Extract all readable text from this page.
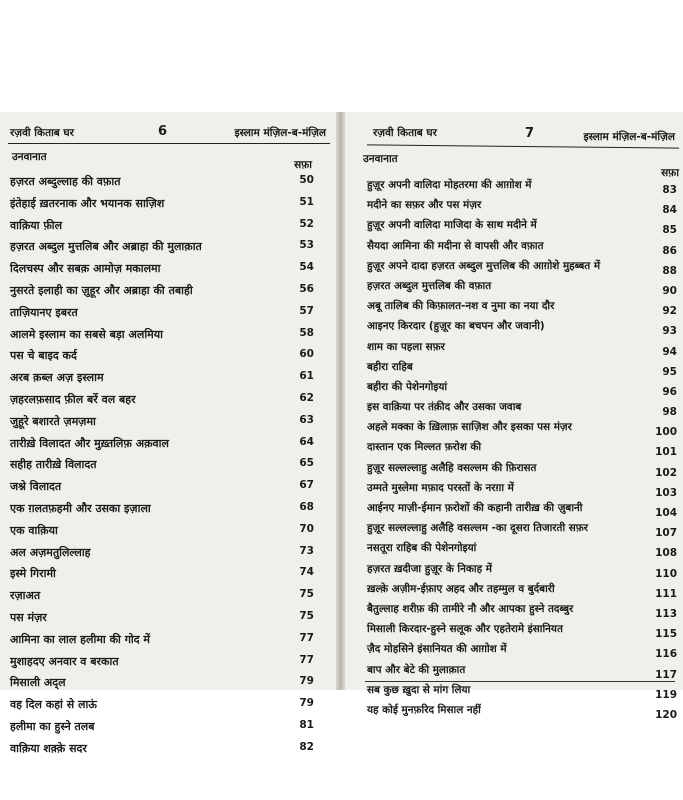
रज़वी किताब घर	6	इस्लाम मंज़िल-ब-मंज़िल
उनवानात
सफ़ा
हज़रत अब्दुल्लाह की वफ़ात	50
इंतेहाई ख़तरनाक और भयानक साज़िश	51
वाक़िया फ़ील	52
हज़रत अब्दुल मुत्तलिब और अब्राहा की मुलाक़ात	53
दिलचस्प और सबक़ आमोज़ मकालमा	54
नुसरते इलाही का ज़ुहूर और अब्राहा की तबाही	56
ताज़ियानए इबरत	57
आलमे इस्लाम का सबसे बड़ा अलमिया	58
पस चे बाइद कर्द	60
अरब क़ब्ल अज़ इस्लाम	61
ज़हरलफ़साद फ़ील बर्रे वल बहर	62
जुहूरे बशारते ज़मज़मा	63
तारीख़े विलादत और मुख़्तलिफ़ अक़वाल	64
सहीह तारीख़े विलादत	65
जश्ने विलादत	67
एक ग़लतफ़हमी और उसका इज़ाला	68
एक वाक़िया	70
अल अज़मतुलिल्लाह	73
इस्मे गिरामी	74
रज़ाअत	75
पस मंज़र	75
आमिना का लाल हलीमा की गोद में	77
मुशाहदए अनवार व बरकात	77
मिसाली अद्ल	79
वह दिल कहां से लाऊं	79
हलीमा का हुस्ने तलब	81
वाक़िया शक़्क़े सदर	82
रज़वी किताब घर	7	इस्लाम मंज़िल-ब-मंज़िल
उनवानात
सफ़ा
हुज़ूर अपनी वालिदा मोहतरमा की आग़ोश में	83
मदीने का सफ़र और पस मंज़र	84
हुज़ूर अपनी वालिदा माजिदा के साथ मदीने में	85
सैयदा आमिना की मदीना से वापसी और वफ़ात	86
हुज़ूर अपने दादा हज़रत अब्दुल मुत्तलिब की आग़ोशे मुहब्बत में	88
हज़रत अब्दुल मुत्तलिब की वफ़ात	90
अबू तालिब की किफ़ालत-नश व नुमा का नया दौर	92
आइनए किरदार (हुज़ूर का बचपन और जवानी)	93
शाम का पहला सफ़र	94
बहीरा राहिब	95
बहीरा की पेशेनगोइयां	96
इस वाक़िया पर तंक़ीद और उसका जवाब	98
अहले मक्का के ख़िलाफ़ साज़िश और इसका पस मंज़र	100
दास्तान एक मिल्लत फ़रोश की	101
हुज़ूर सल्लल्लाहु अलैहि वसल्लम की फ़िरासत	102
उम्मते मुस्लेमा मफ़ाद परस्तों के नरग़ा में	103
आईनए माज़ी-ईमान फ़रोशों की कहानी तारीख़ की ज़ुबानी	104
हुज़ूर सल्लल्लाहु अलैहि वसल्लम -का दूसरा तिजारती सफ़र	107
नसतूरा राहिब की पेशेनगोइयां	108
हज़रत ख़दीजा हुज़ूर के निकाह में	110
ख़ल्क़े अज़ीम-ईफ़ाए अहद और तहम्मुल व बुर्दबारी	111
बैतुल्लाह शरीफ़ की तामीरे नौ और आपका हुस्ने तदब्बुर	113
मिसाली किरदार-हुस्ने सलूक और एहतेरामे इंसानियत	115
ज़ैद मोहसिने इंसानियत की आग़ोश में	116
बाप और बेटे की मुलाक़ात	117
सब कुछ ख़ुदा से मांग लिया	119
यह कोई मुनफ़रिद मिसाल नहीं	120
